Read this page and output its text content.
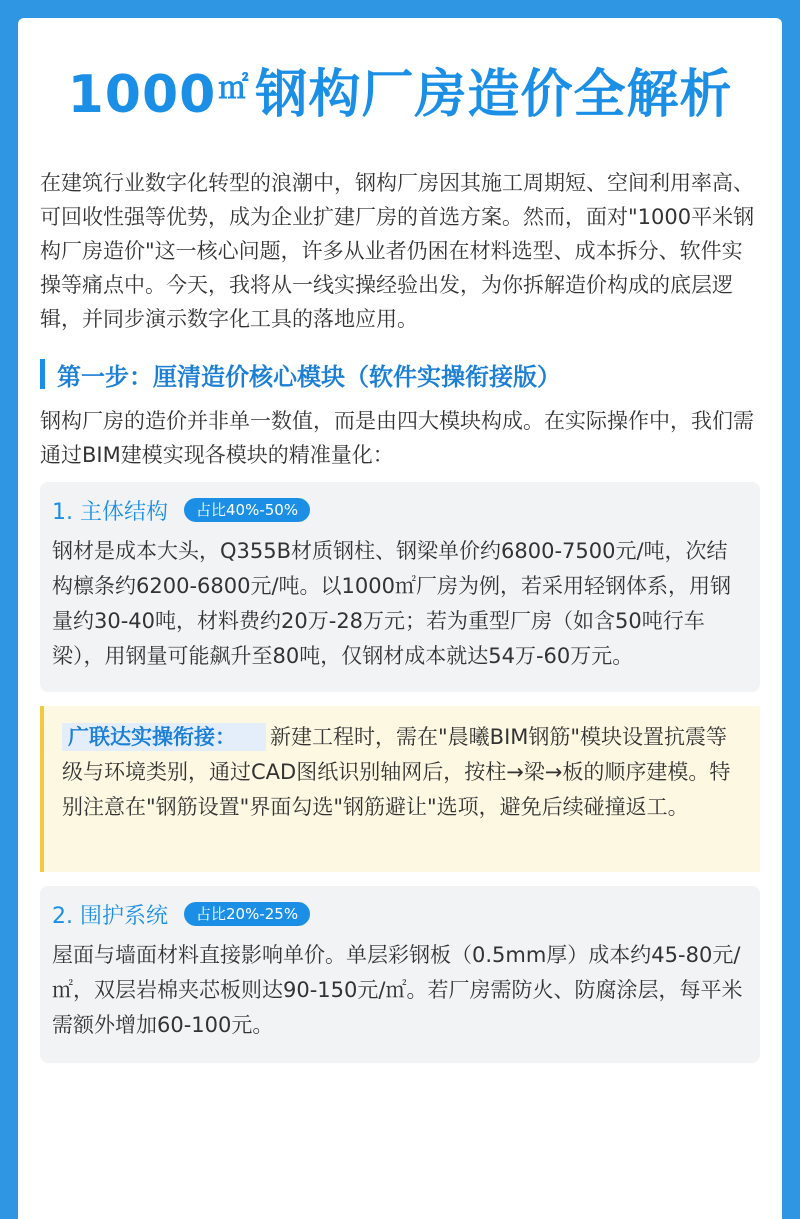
1000㎡ 钢构厂房造价全解析
在建筑行业数字化转型的浪潮中，钢构厂房因其施工周期短、空间利用率高、可回收性强等优势，成为企业扩建厂房的首选方案。然而，面对"1000平米钢构厂房造价"这一核心问题，许多从业者仍困在材料选型、成本拆分、软件实操等痛点中。今天，我将从一线实操经验出发，为你拆解造价构成的底层逻辑，并同步演示数字化工具的落地应用。
第一步：厘清造价核心模块（软件实操衔接版）
钢构厂房的造价并非单一数值，而是由四大模块构成。在实际操作中，我们需通过BIM建模实现各模块的精准量化：
1. 主体结构	占比40%-50%
钢材是成本大头，Q355B材质钢柱、钢梁单价约6800-7500元/吨，次结构檩条约6200-6800元/吨。以1000㎡厂房为例，若采用轻钢体系，用钢量约30-40吨，材料费约20万-28万元；若为重型厂房（如含50吨行车梁），用钢量可能飙升至80吨，仅钢材成本就达54万-60万元。
广联达实操衔接： 新建工程时，需在"晨曦BIM钢筋"模块设置抗震等级与环境类别，通过CAD图纸识别轴网后，按柱→梁→板的顺序建模。特别注意在"钢筋设置"界面勾选"钢筋避让"选项，避免后续碰撞返工。
2. 围护系统	占比20%-25%
屋面与墙面材料直接影响单价。单层彩钢板（0.5mm厚）成本约45-80元/㎡，双层岩棉夹芯板则达90-150元/㎡。若厂房需防火、防腐涂层，每平米需额外增加60-100元。
